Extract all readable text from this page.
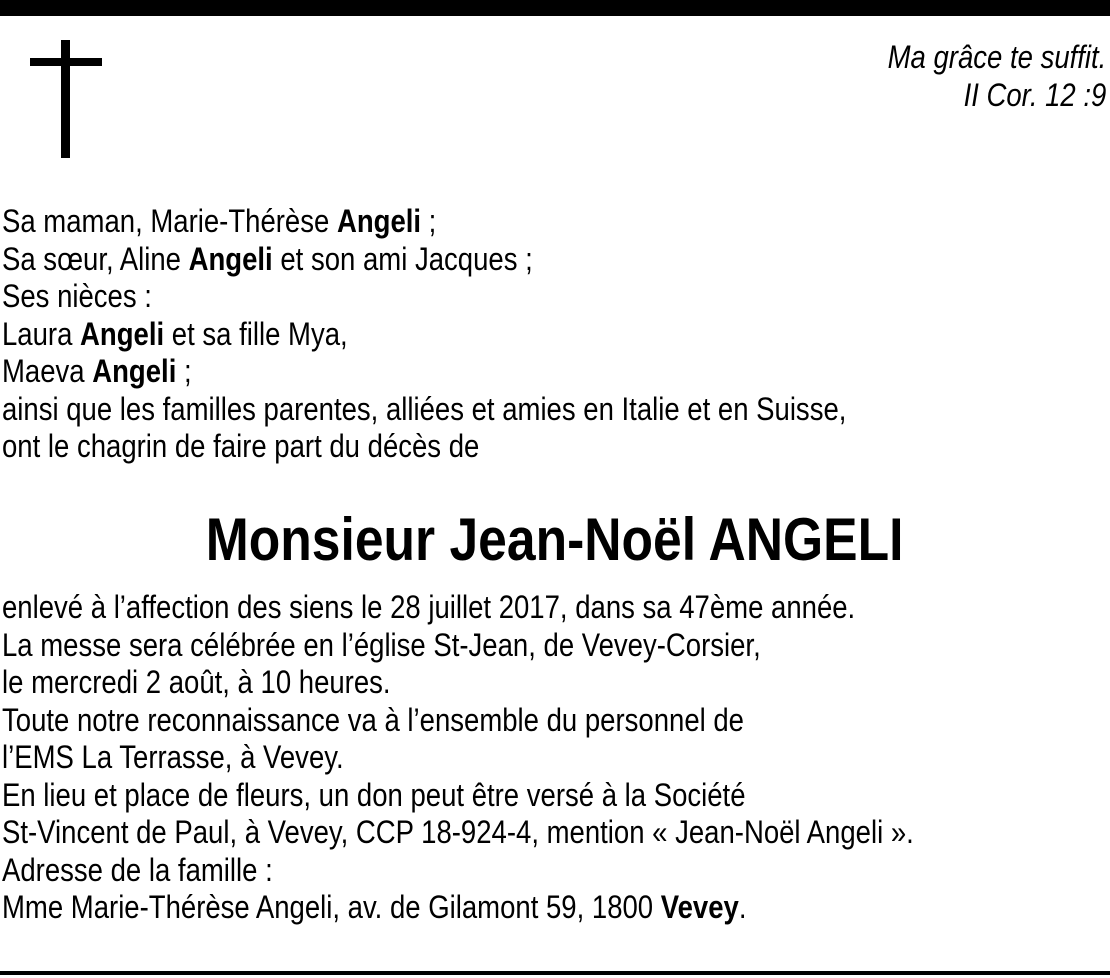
Ma grâce te suffit.
II Cor. 12 :9
Sa maman, Marie-Thérèse Angeli ;
Sa sœur, Aline Angeli et son ami Jacques ;
Ses nièces :
Laura Angeli et sa fille Mya,
Maeva Angeli ;
ainsi que les familles parentes, alliées et amies en Italie et en Suisse,
ont le chagrin de faire part du décès de
Monsieur Jean-Noël ANGELI
enlevé à l’affection des siens le 28 juillet 2017, dans sa 47ème année.
La messe sera célébrée en l’église St-Jean, de Vevey-Corsier,
le mercredi 2 août, à 10 heures.
Toute notre reconnaissance va à l’ensemble du personnel de
l’EMS La Terrasse, à Vevey.
En lieu et place de fleurs, un don peut être versé à la Société
St-Vincent de Paul, à Vevey, CCP 18-924-4, mention « Jean-Noël Angeli ».
Adresse de la famille :
Mme Marie-Thérèse Angeli, av. de Gilamont 59, 1800 Vevey.
